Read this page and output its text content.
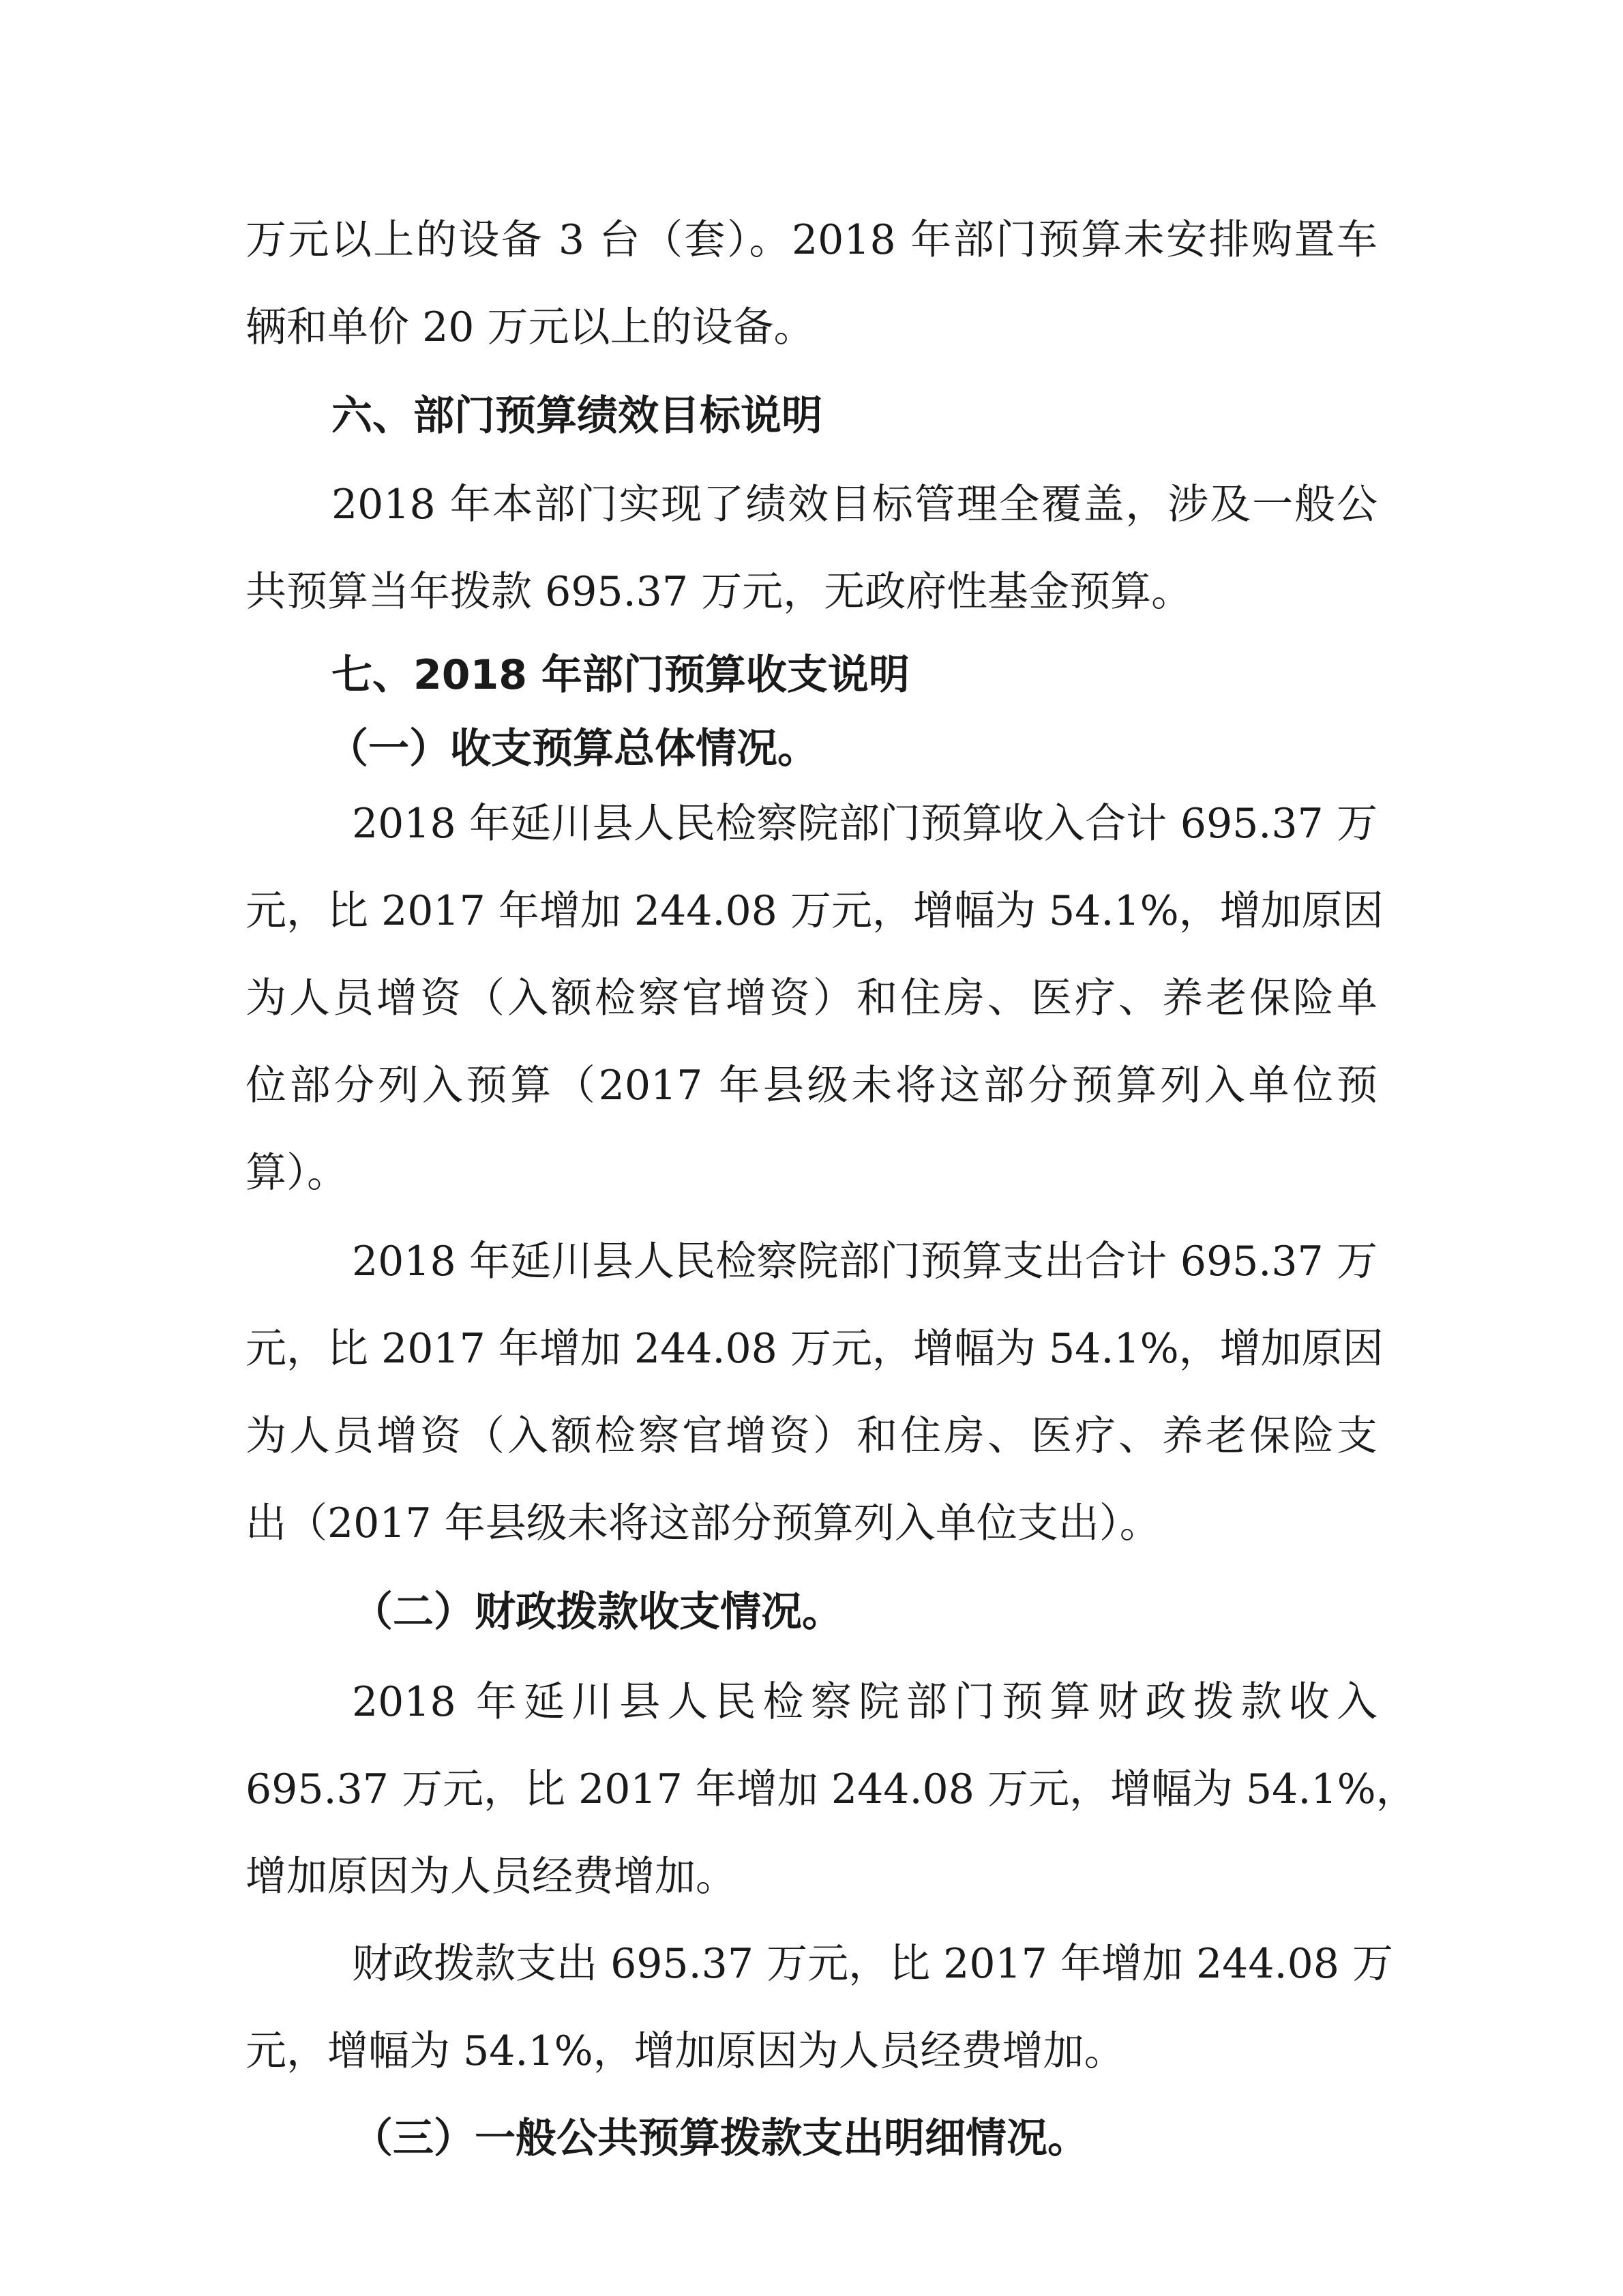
万元以上的设备 3 台（套）。2018 年部门预算未安排购置车
辆和单价 20 万元以上的设备。
六、部门预算绩效目标说明
2018 年本部门实现了绩效目标管理全覆盖，涉及一般公
共预算当年拨款 695.37 万元，无政府性基金预算。
七、2018 年部门预算收支说明
（一）收支预算总体情况。
2018 年延川县人民检察院部门预算收入合计 695.37 万
元，比 2017 年增加 244.08 万元，增幅为 54.1%，增加原因
为人员增资（入额检察官增资）和住房、医疗、养老保险单
位部分列入预算（2017 年县级未将这部分预算列入单位预
算）。
2018 年延川县人民检察院部门预算支出合计 695.37 万
元，比 2017 年增加 244.08 万元，增幅为 54.1%，增加原因
为人员增资（入额检察官增资）和住房、医疗、养老保险支
出（2017 年县级未将这部分预算列入单位支出）。
（二）财政拨款收支情况。
2018 年延川县人民检察院部门预算财政拨款收入
695.37 万元，比 2017 年增加 244.08 万元，增幅为 54.1%，
增加原因为人员经费增加。
财政拨款支出 695.37 万元，比 2017 年增加 244.08 万
元，增幅为 54.1%，增加原因为人员经费增加。
（三）一般公共预算拨款支出明细情况。
